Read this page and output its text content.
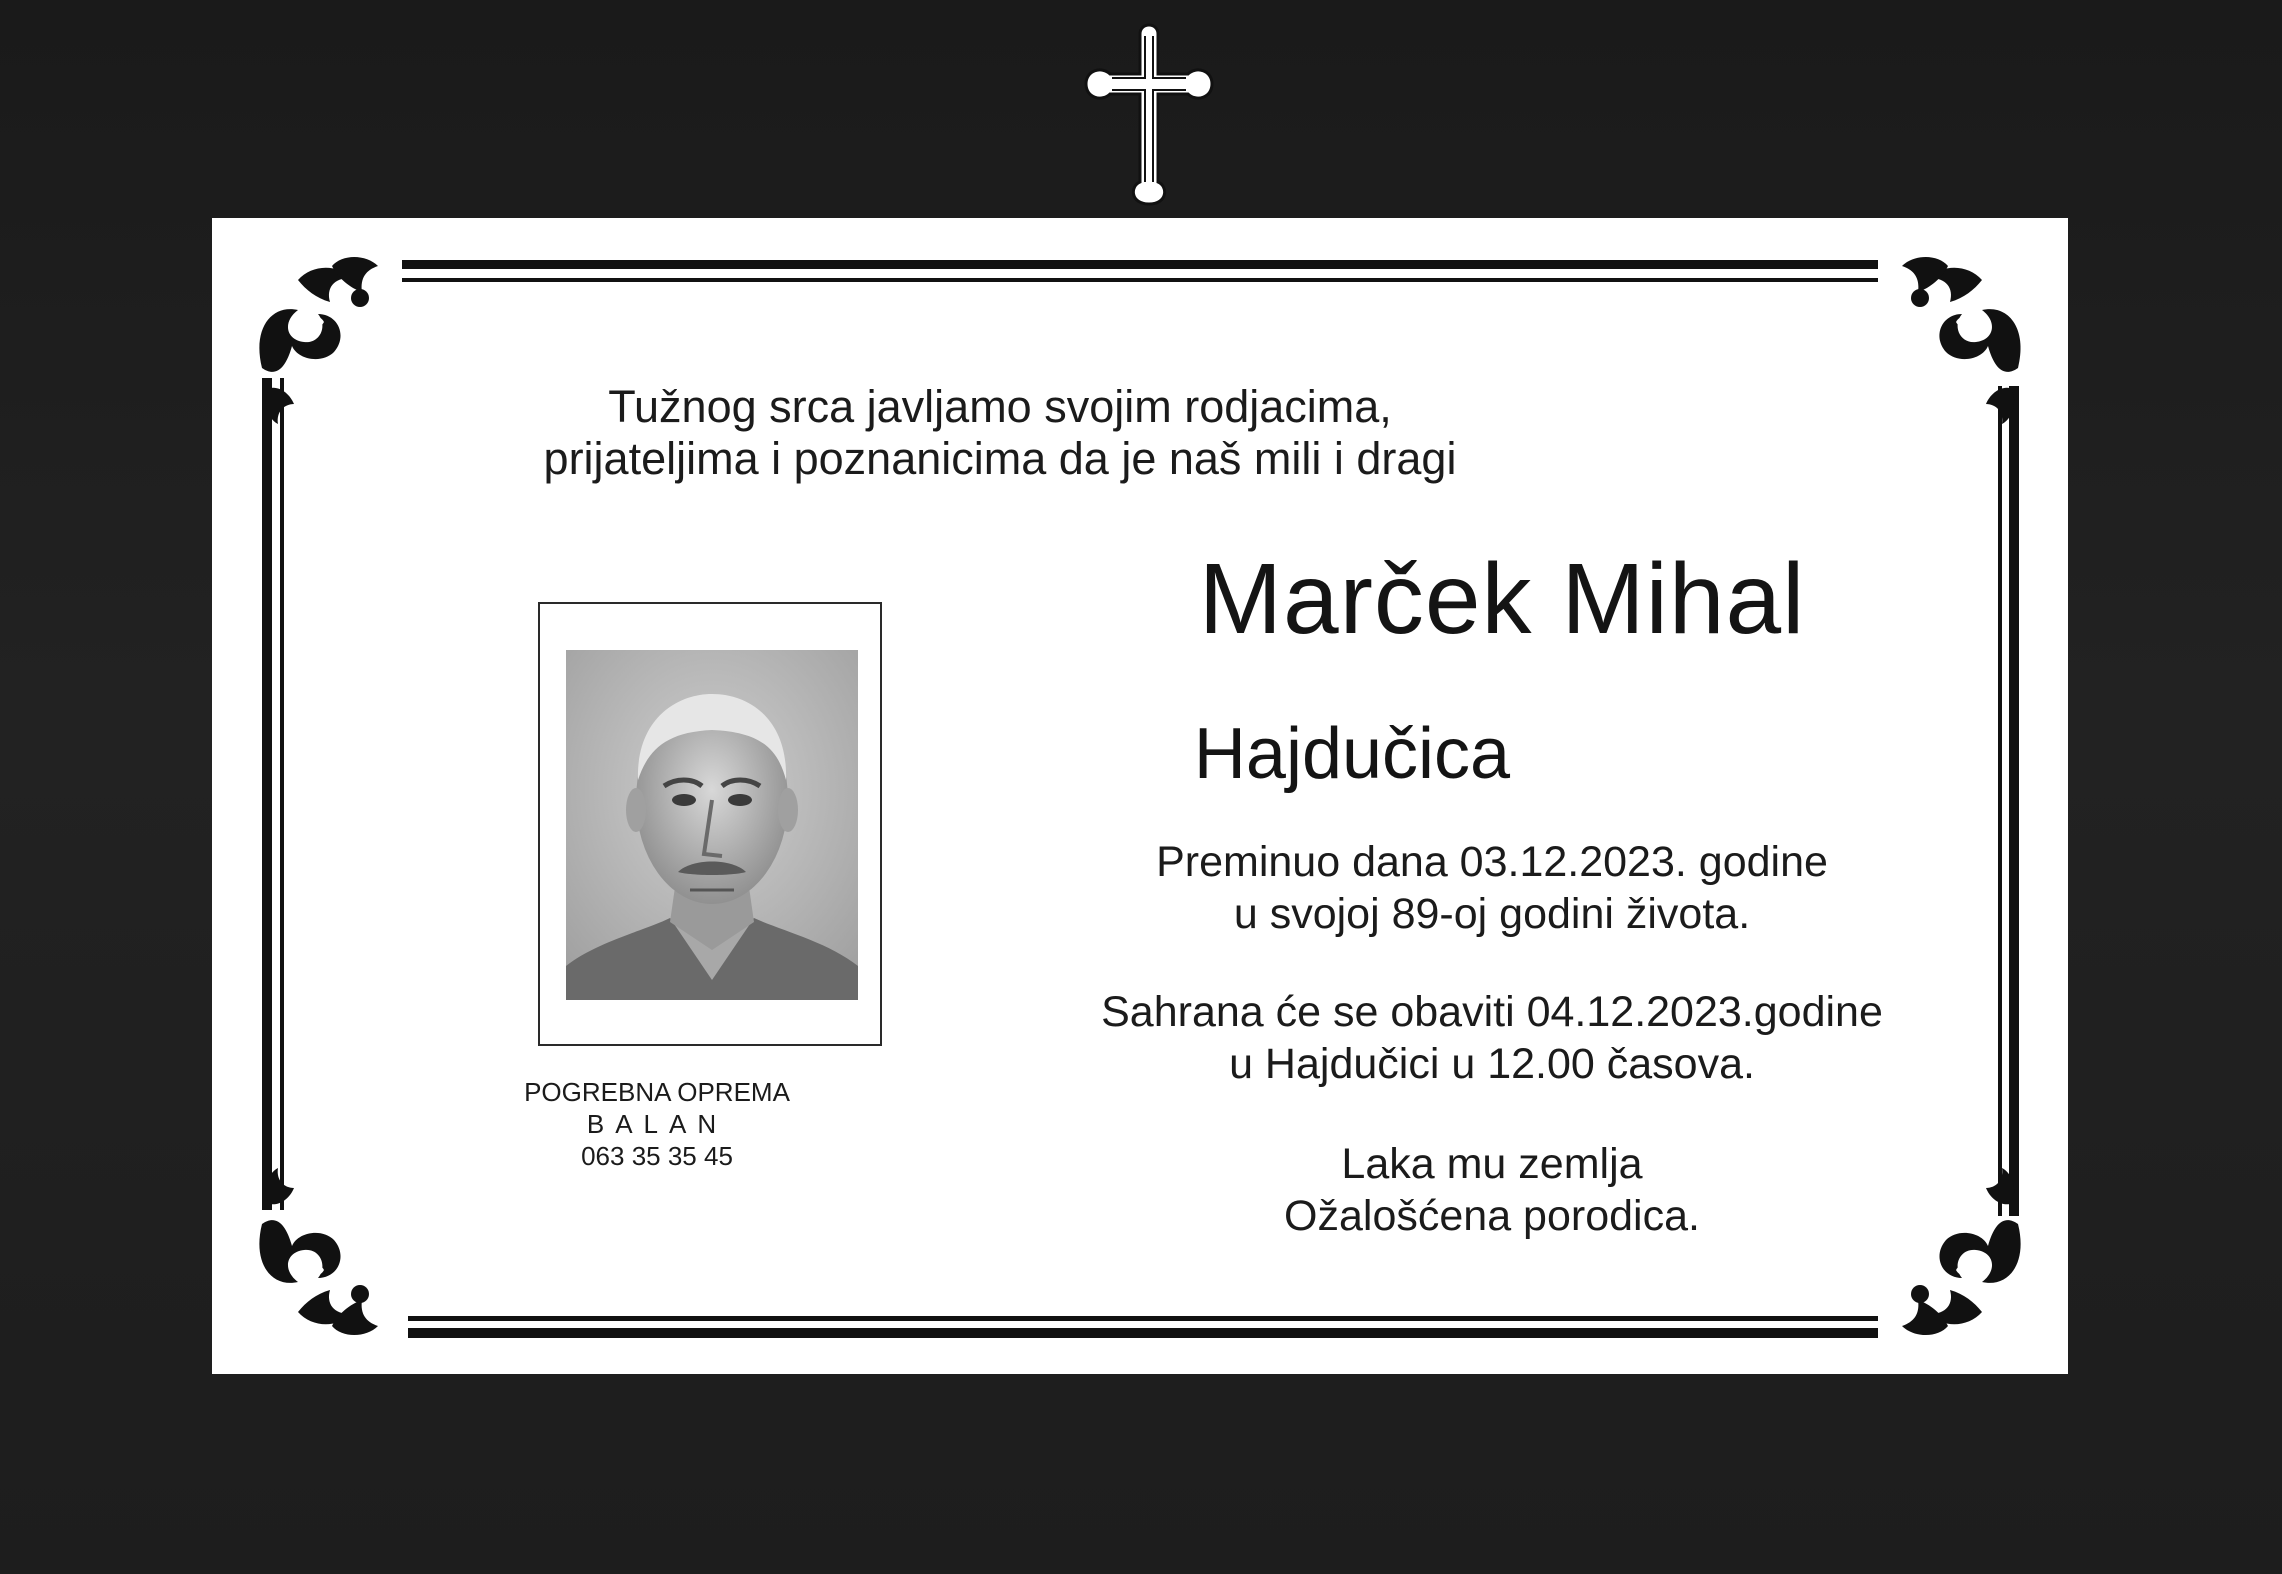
Tužnog srca javljamo svojim rodjacima,
prijateljima i poznanicima da je naš mili i dragi
Marček Mihal
Hajdučica
Preminuo dana 03.12.2023. godine
u svojoj 89-oj godini života.
Sahrana će se obaviti 04.12.2023.godine
u Hajdučici u 12.00 časova.
Laka mu zemlja
Ožalošćena porodica.
POGREBNA OPREMA
BALAN
063 35 35 45
